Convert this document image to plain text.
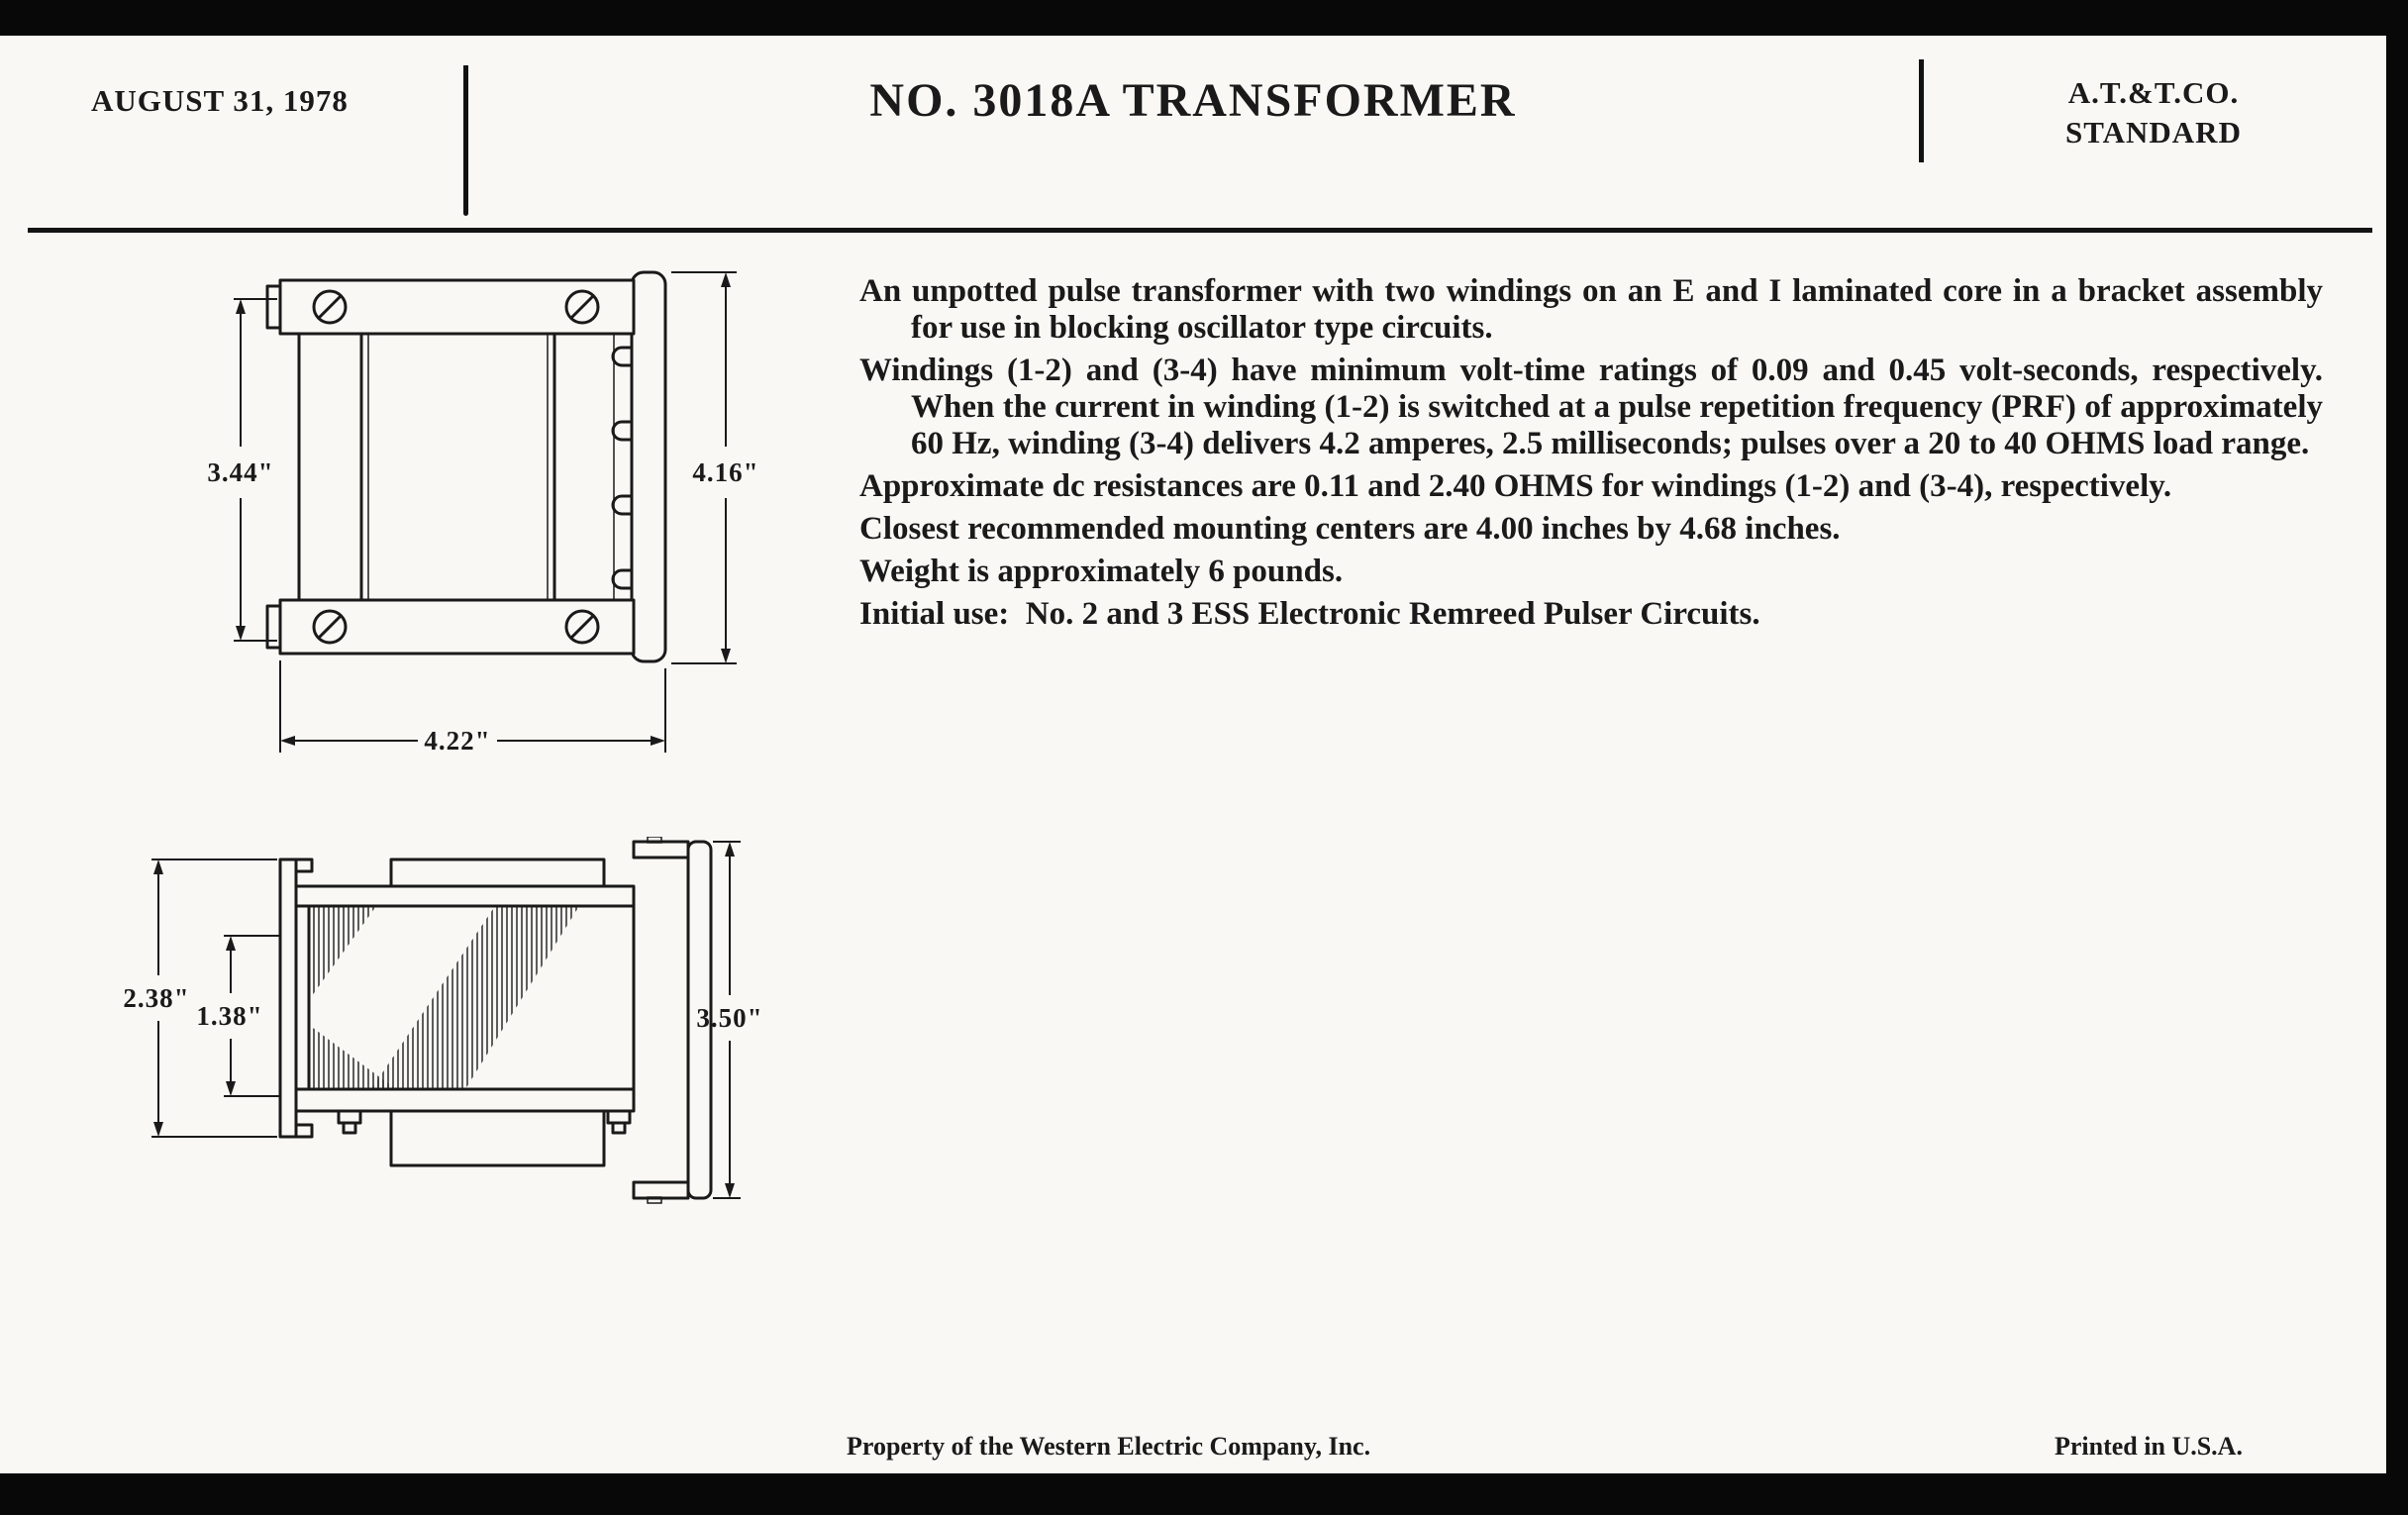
AUGUST 31, 1978	NO. 3018A TRANSFORMER	A.T.&T.CO.
STANDARD
3.44"	4.16"
4.22"
2.38"
1.38"	3.50"

An unpotted pulse transformer with two windings on an E and I laminated core in a bracket assembly for use in blocking oscillator type circuits.

Windings (1-2) and (3-4) have minimum volt-time ratings of 0.09 and 0.45 volt-seconds, respectively. When the current in winding (1-2) is switched at a pulse repetition frequency (PRF) of approximately 60 Hz, winding (3-4) delivers 4.2 amperes, 2.5 milliseconds; pulses over a 20 to 40 OHMS load range.

Approximate dc resistances are 0.11 and 2.40 OHMS for windings (1-2) and (3-4), respectively.

Closest recommended mounting centers are 4.00 inches by 4.68 inches.

Weight is approximately 6 pounds.

Initial use:  No. 2 and 3 ESS Electronic Remreed Pulser Circuits.

Property of the Western Electric Company, Inc.	Printed in U.S.A.
